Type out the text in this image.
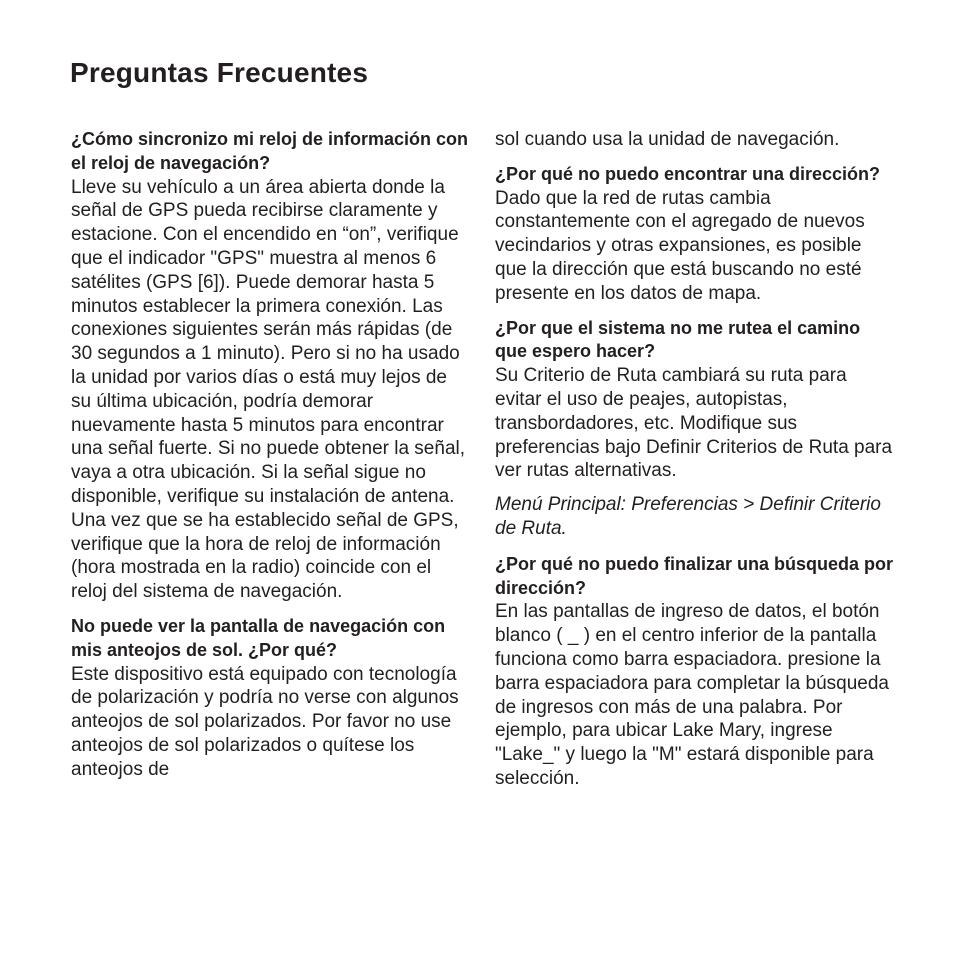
Preguntas Frecuentes

¿Cómo sincronizo mi reloj de información con el reloj de navegación?

Lleve su vehículo a un área abierta donde la señal de GPS pueda recibirse claramente y estacione. Con el encendido en “on”, verifique que el indicador "GPS" muestra al menos 6 satélites (GPS [6]). Puede demorar hasta 5 minutos establecer la primera conexión. Las conexiones siguientes serán más rápidas (de 30 segundos a 1 minuto). Pero si no ha usado la unidad por varios días o está muy lejos de su última ubicación, podría demorar nuevamente hasta 5 minutos para encontrar una señal fuerte. Si no puede obtener la señal, vaya a otra ubicación. Si la señal sigue no disponible, verifique su instalación de antena. Una vez que se ha establecido señal de GPS, verifique que la hora de reloj de información (hora mostrada en la radio) coincide con el reloj del sistema de navegación.

No puede ver la pantalla de navegación con mis anteojos de sol. ¿Por qué?

Este dispositivo está equipado con tecnología de polarización y podría no verse con algunos anteojos de sol polarizados. Por favor no use anteojos de sol polarizados o quítese los anteojos de

sol cuando usa la unidad de navegación.

¿Por qué no puedo encontrar una dirección?

Dado que la red de rutas cambia constantemente con el agregado de nuevos vecindarios y otras expansiones, es posible que la dirección que está buscando no esté presente en los datos de mapa.

¿Por que el sistema no me rutea el camino que espero hacer?

Su Criterio de Ruta cambiará su ruta para evitar el uso de peajes, autopistas, transbordadores, etc. Modifique sus preferencias bajo Definir Criterios de Ruta para ver rutas alternativas.

Menú Principal: Preferencias > Definir Criterio de Ruta.

¿Por qué no puedo finalizar una búsqueda por dirección?

En las pantallas de ingreso de datos, el botón blanco ( _ ) en el centro inferior de la pantalla funciona como barra espaciadora. presione la barra espaciadora para completar la búsqueda de ingresos con más de una palabra. Por ejemplo, para ubicar Lake Mary, ingrese "Lake_" y luego la "M" estará disponible para selección.
